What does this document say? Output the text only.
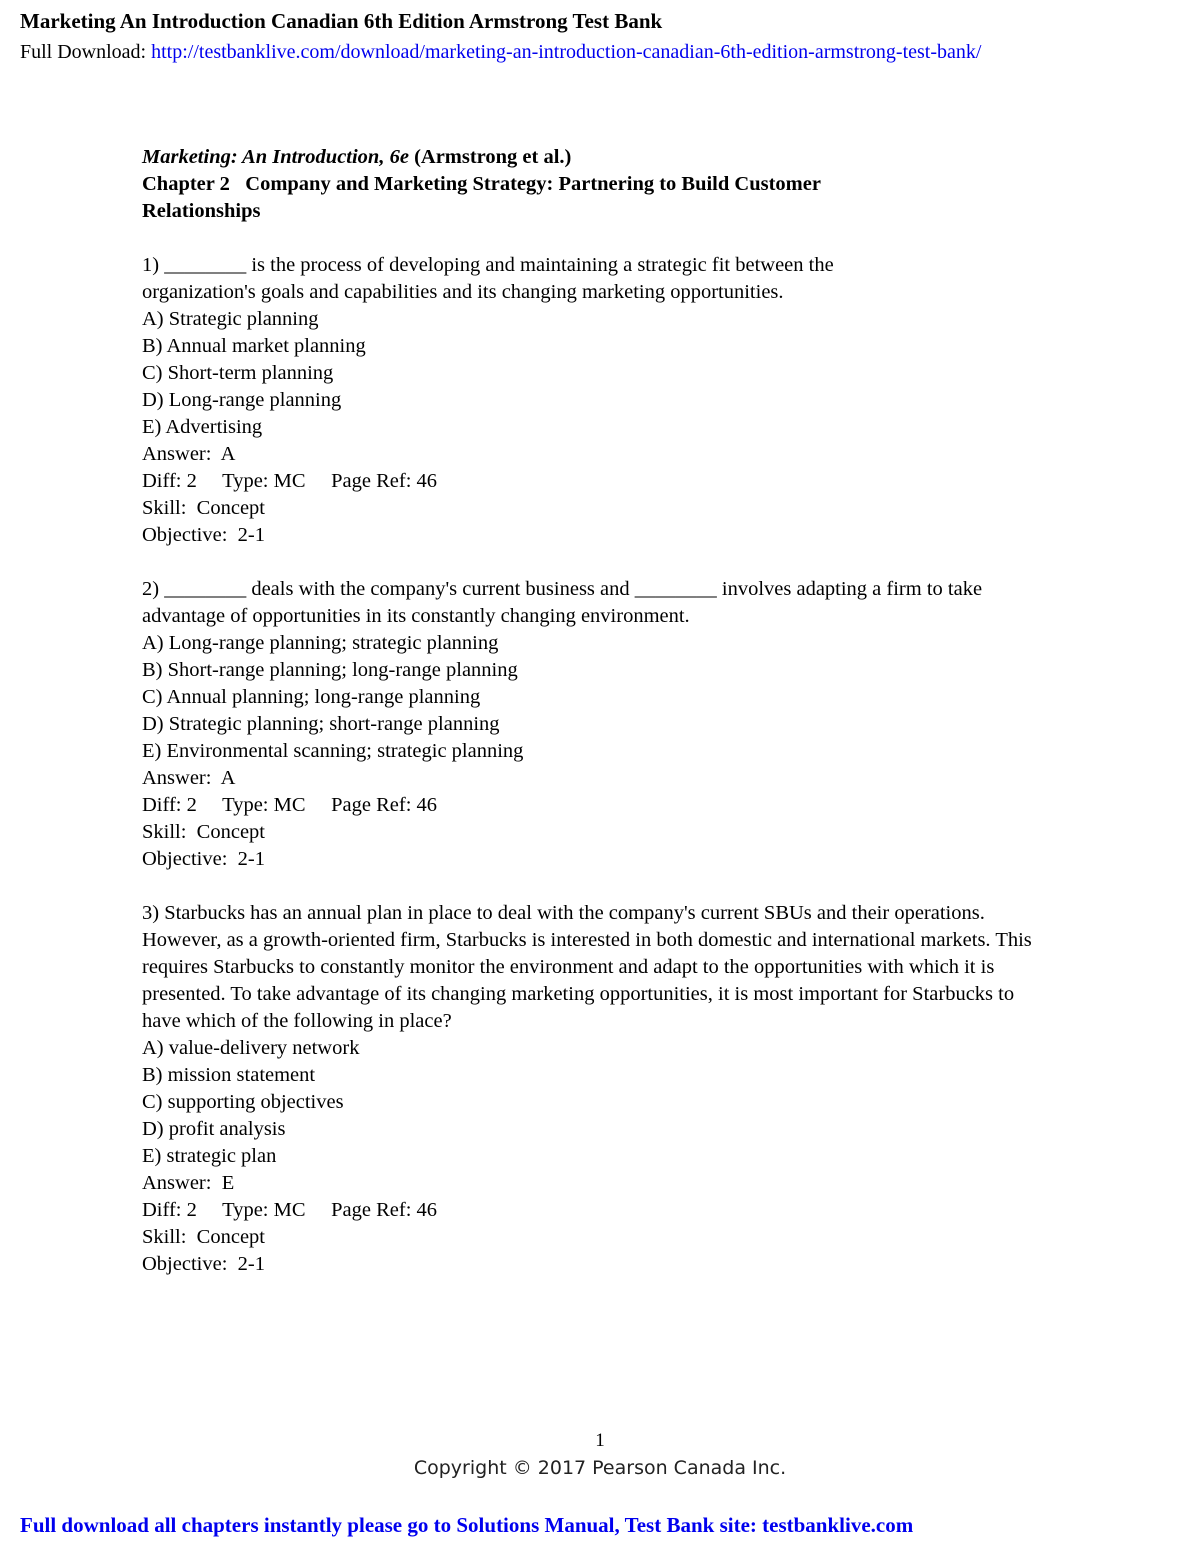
Marketing An Introduction Canadian 6th Edition Armstrong Test Bank
Full Download: http://testbanklive.com/download/marketing-an-introduction-canadian-6th-edition-armstrong-test-bank/
Marketing: An Introduction, 6e (Armstrong et al.)
Chapter 2   Company and Marketing Strategy: Partnering to Build Customer
Relationships
1) ________ is the process of developing and maintaining a strategic fit between the organization's goals and capabilities and its changing marketing opportunities.
A) Strategic planning
B) Annual market planning
C) Short-term planning
D) Long-range planning
E) Advertising
Answer:  A
Diff: 2     Type: MC     Page Ref: 46
Skill:  Concept
Objective:  2-1
2) ________ deals with the company's current business and ________ involves adapting a firm to take advantage of opportunities in its constantly changing environment.
A) Long-range planning; strategic planning
B) Short-range planning; long-range planning
C) Annual planning; long-range planning
D) Strategic planning; short-range planning
E) Environmental scanning; strategic planning
Answer:  A
Diff: 2     Type: MC     Page Ref: 46
Skill:  Concept
Objective:  2-1
3) Starbucks has an annual plan in place to deal with the company's current SBUs and their operations. However, as a growth-oriented firm, Starbucks is interested in both domestic and international markets. This requires Starbucks to constantly monitor the environment and adapt to the opportunities with which it is presented. To take advantage of its changing marketing opportunities, it is most important for Starbucks to have which of the following in place?
A) value-delivery network
B) mission statement
C) supporting objectives
D) profit analysis
E) strategic plan
Answer:  E
Diff: 2     Type: MC     Page Ref: 46
Skill:  Concept
Objective:  2-1
1
Copyright © 2017 Pearson Canada Inc.
Full download all chapters instantly please go to Solutions Manual, Test Bank site: testbanklive.com
